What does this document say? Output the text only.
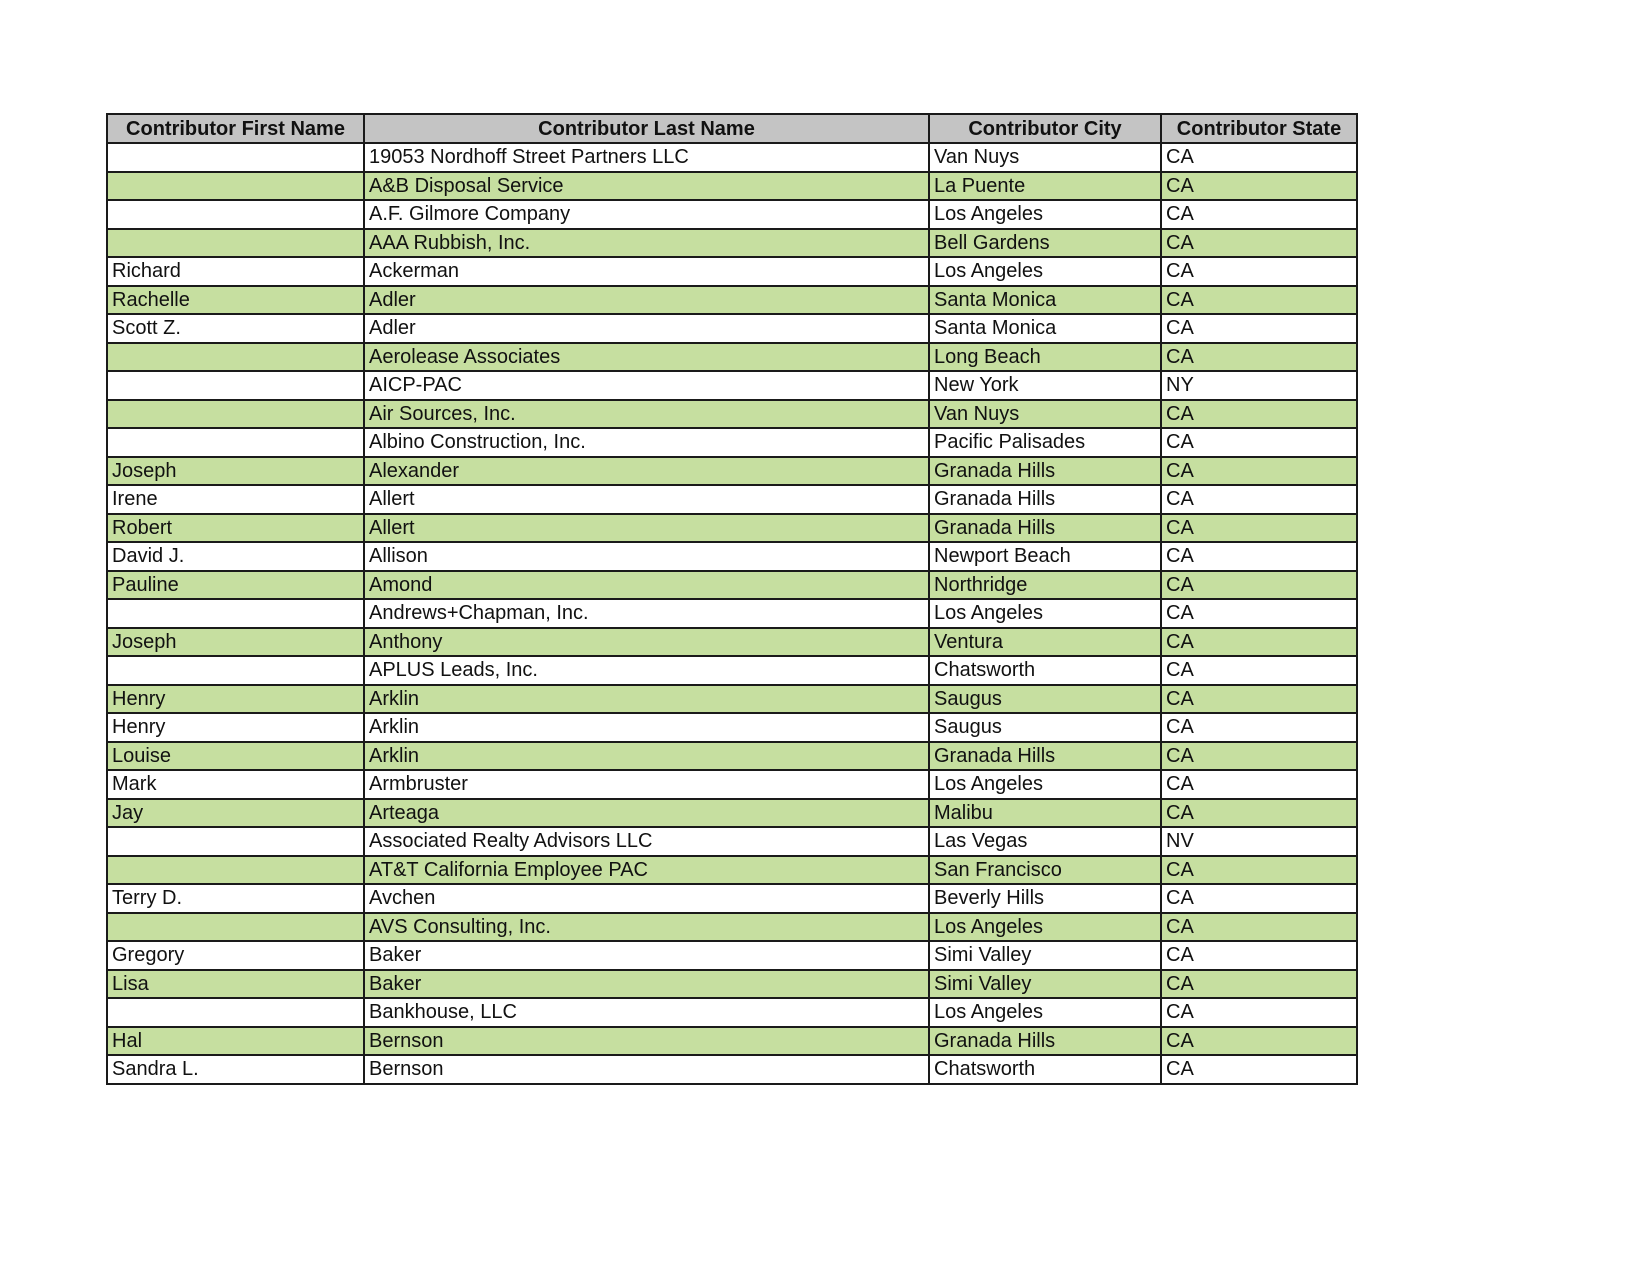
Contributor First Name	Contributor Last Name	Contributor City	Contributor State
	19053 Nordhoff Street Partners LLC	Van Nuys	CA
	A&B Disposal Service	La Puente	CA
	A.F. Gilmore Company	Los Angeles	CA
	AAA Rubbish, Inc.	Bell Gardens	CA
Richard	Ackerman	Los Angeles	CA
Rachelle	Adler	Santa Monica	CA
Scott Z.	Adler	Santa Monica	CA
	Aerolease Associates	Long Beach	CA
	AICP-PAC	New York	NY
	Air Sources, Inc.	Van Nuys	CA
	Albino Construction, Inc.	Pacific Palisades	CA
Joseph	Alexander	Granada Hills	CA
Irene	Allert	Granada Hills	CA
Robert	Allert	Granada Hills	CA
David J.	Allison	Newport Beach	CA
Pauline	Amond	Northridge	CA
	Andrews+Chapman, Inc.	Los Angeles	CA
Joseph	Anthony	Ventura	CA
	APLUS Leads, Inc.	Chatsworth	CA
Henry	Arklin	Saugus	CA
Henry	Arklin	Saugus	CA
Louise	Arklin	Granada Hills	CA
Mark	Armbruster	Los Angeles	CA
Jay	Arteaga	Malibu	CA
	Associated Realty Advisors LLC	Las Vegas	NV
	AT&T California Employee PAC	San Francisco	CA
Terry D.	Avchen	Beverly Hills	CA
	AVS Consulting, Inc.	Los Angeles	CA
Gregory	Baker	Simi Valley	CA
Lisa	Baker	Simi Valley	CA
	Bankhouse, LLC	Los Angeles	CA
Hal	Bernson	Granada Hills	CA
Sandra L.	Bernson	Chatsworth	CA
